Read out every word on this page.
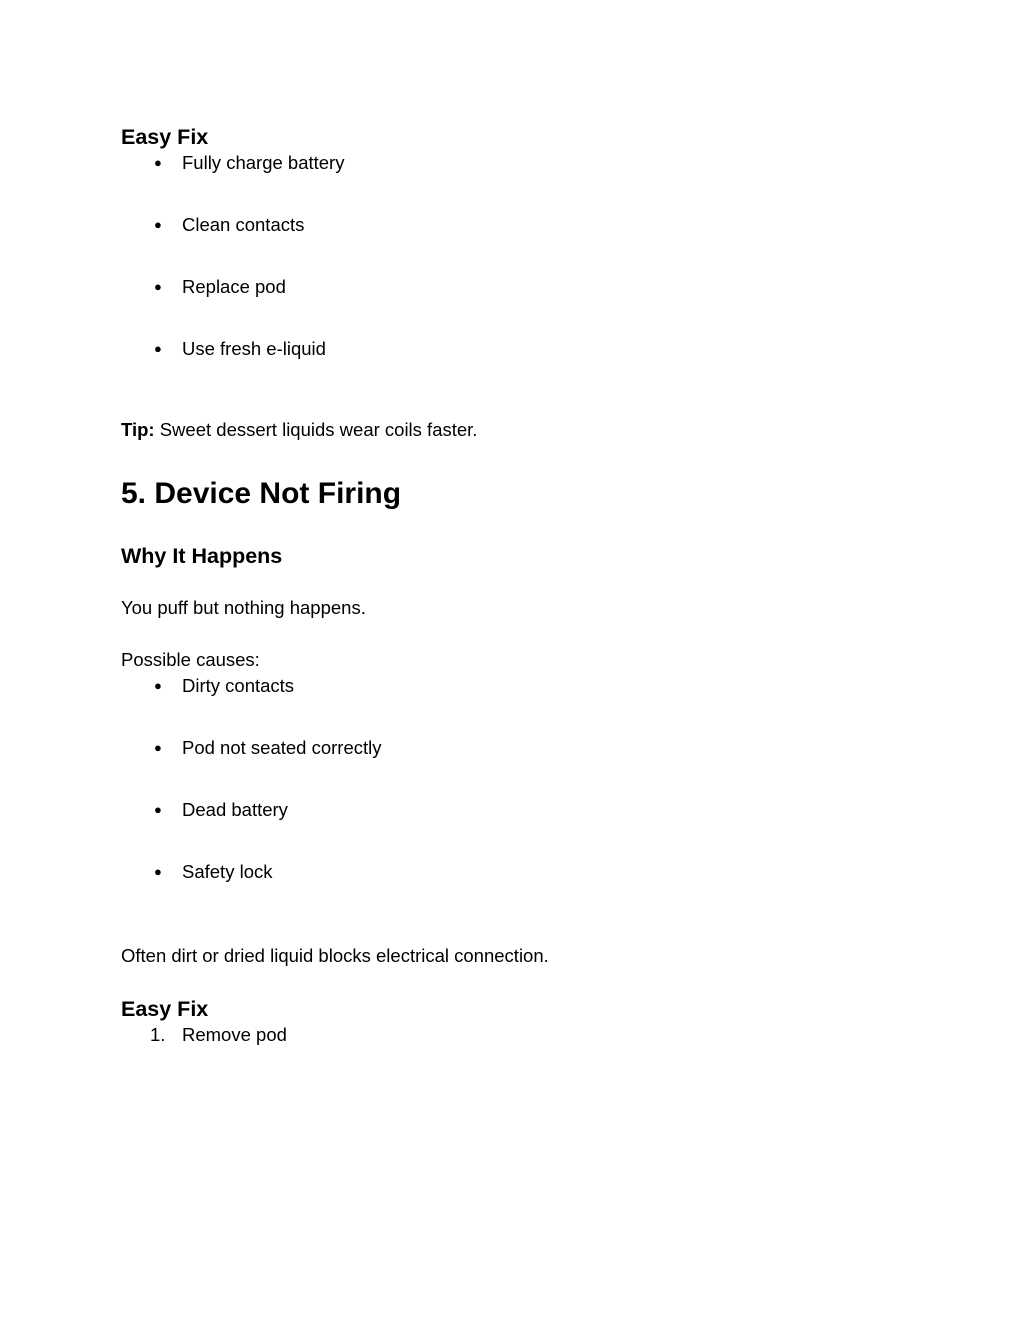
Easy Fix
● Fully charge battery
● Clean contacts
● Replace pod
● Use fresh e-liquid

Tip: Sweet dessert liquids wear coils faster.

5. Device Not Firing
Why It Happens

You puff but nothing happens.

Possible causes:

● Dirty contacts
● Pod not seated correctly
● Dead battery
● Safety lock

Often dirt or dried liquid blocks electrical connection.

Easy Fix
1. Remove pod
